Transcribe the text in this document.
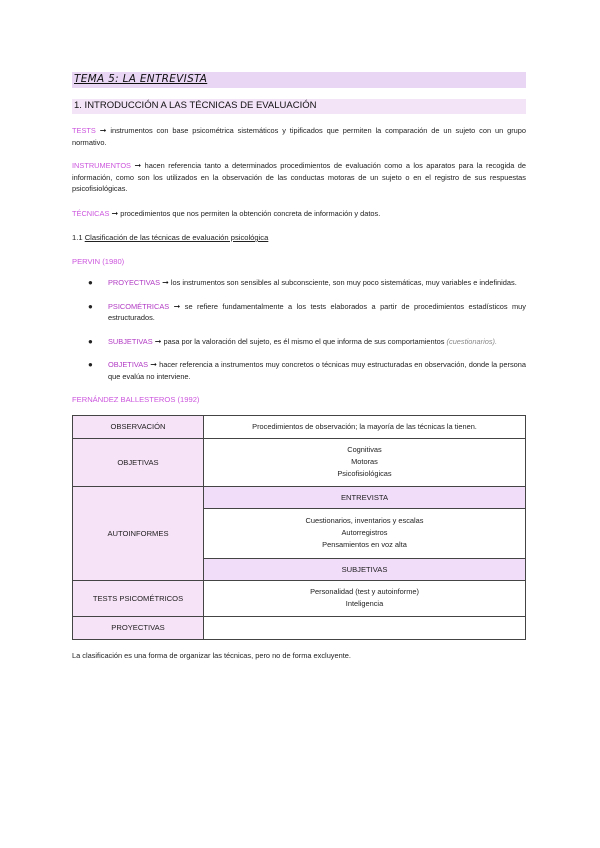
TEMA 5: LA ENTREVISTA
1. INTRODUCCIÓN A LAS TÉCNICAS DE EVALUACIÓN

TESTS ➞ instrumentos con base psicométrica sistemáticos y tipificados que permiten la comparación de un sujeto con un grupo normativo.

INSTRUMENTOS ➞ hacen referencia tanto a determinados procedimientos de evaluación como a los aparatos para la recogida de información, como son los utilizados en la observación de las conductas motoras de un sujeto o en el registro de sus respuestas psicofisiológicas.

TÉCNICAS ➞ procedimientos que nos permiten la obtención concreta de información y datos.

1.1 Clasificación de las técnicas de evaluación psicológica

PERVIN (1980)

● PROYECTIVAS ➞ los instrumentos son sensibles al subconsciente, son muy poco sistemáticas, muy variables e indefinidas.
● PSICOMÉTRICAS ➞ se refiere fundamentalmente a los tests elaborados a partir de procedimientos estadísticos muy estructurados.
● SUBJETIVAS ➞ pasa por la valoración del sujeto, es él mismo el que informa de sus comportamientos (cuestionarios).
● OBJETIVAS ➞ hacer referencia a instrumentos muy concretos o técnicas muy estructuradas en observación, donde la persona que evalúa no interviene.

FERNÁNDEZ BALLESTEROS (1992)

OBSERVACIÓN	Procedimientos de observación; la mayoría de las técnicas la tienen.
OBJETIVAS	Cognitivas
Motoras
Psicofisiológicas

AUTOINFORMES	ENTREVISTA

	Cuestionarios, inventarios y escalas
Autorregistros
Pensamientos en voz alta

	SUBJETIVAS
TESTS PSICOMÉTRICOS	Personalidad (test y autoinforme)
Inteligencia

PROYECTIVAS	

La clasificación es una forma de organizar las técnicas, pero no de forma excluyente.
